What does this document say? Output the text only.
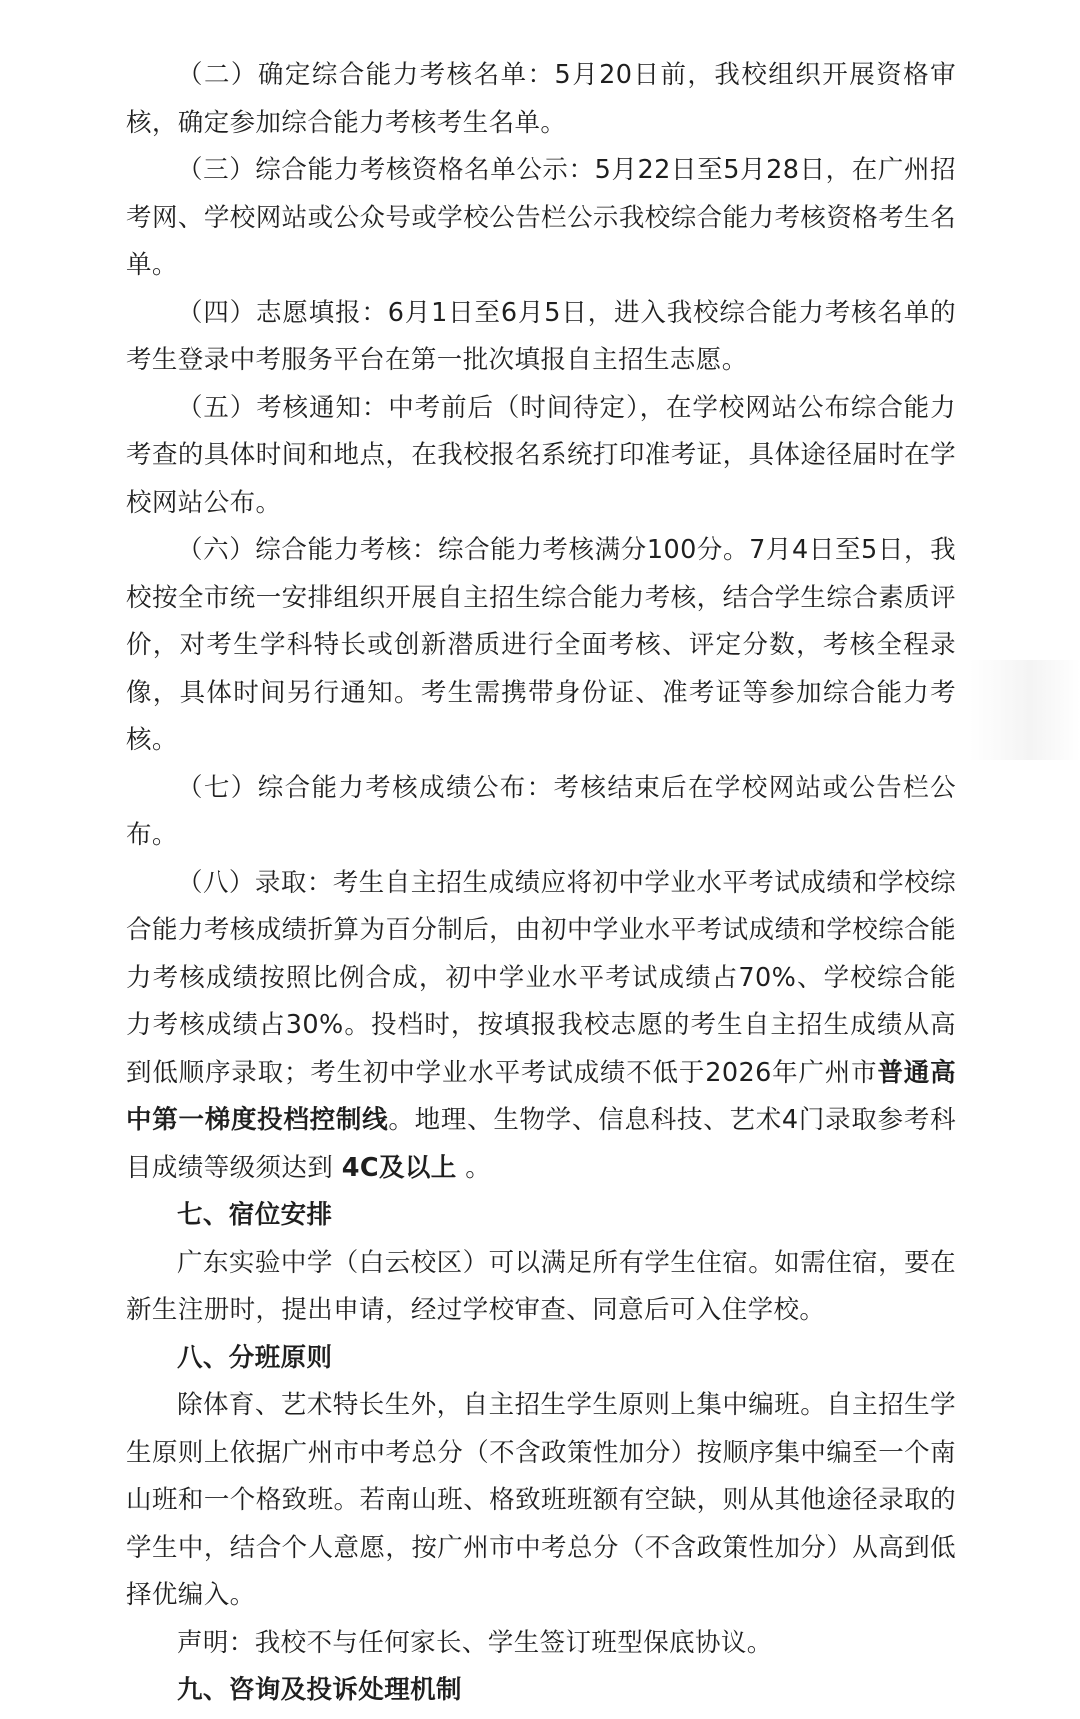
（二）确定综合能力考核名单：5月20日前，我校组织开展资格审核，确定参加综合能力考核考生名单。

（三）综合能力考核资格名单公示：5月22日至5月28日，在广州招考网、学校网站或公众号或学校公告栏公示我校综合能力考核资格考生名单。

（四）志愿填报：6月1日至6月5日，进入我校综合能力考核名单的考生登录中考服务平台在第一批次填报自主招生志愿。

（五）考核通知：中考前后（时间待定），在学校网站公布综合能力考查的具体时间和地点，在我校报名系统打印准考证，具体途径届时在学校网站公布。

（六）综合能力考核：综合能力考核满分100分。7月4日至5日，我校按全市统一安排组织开展自主招生综合能力考核，结合学生综合素质评价，对考生学科特长或创新潜质进行全面考核、评定分数，考核全程录像，具体时间另行通知。考生需携带身份证、准考证等参加综合能力考核。

（七）综合能力考核成绩公布：考核结束后在学校网站或公告栏公布。

（八）录取：考生自主招生成绩应将初中学业水平考试成绩和学校综合能力考核成绩折算为百分制后，由初中学业水平考试成绩和学校综合能力考核成绩按照比例合成，初中学业水平考试成绩占70%、学校综合能力考核成绩占30%。投档时，按填报我校志愿的考生自主招生成绩从高到低顺序录取；考生初中学业水平考试成绩不低于2026年广州市普通高中第一梯度投档控制线。地理、生物学、信息科技、艺术4门录取参考科目成绩等级须达到 4C及以上 。

七、宿位安排

广东实验中学（白云校区）可以满足所有学生住宿。如需住宿，要在新生注册时，提出申请，经过学校审查、同意后可入住学校。

八、分班原则

除体育、艺术特长生外，自主招生学生原则上集中编班。自主招生学生原则上依据广州市中考总分（不含政策性加分）按顺序集中编至一个南山班和一个格致班。若南山班、格致班班额有空缺，则从其他途径录取的学生中，结合个人意愿，按广州市中考总分（不含政策性加分）从高到低择优编入。

声明：我校不与任何家长、学生签订班型保底协议。

九、咨询及投诉处理机制
